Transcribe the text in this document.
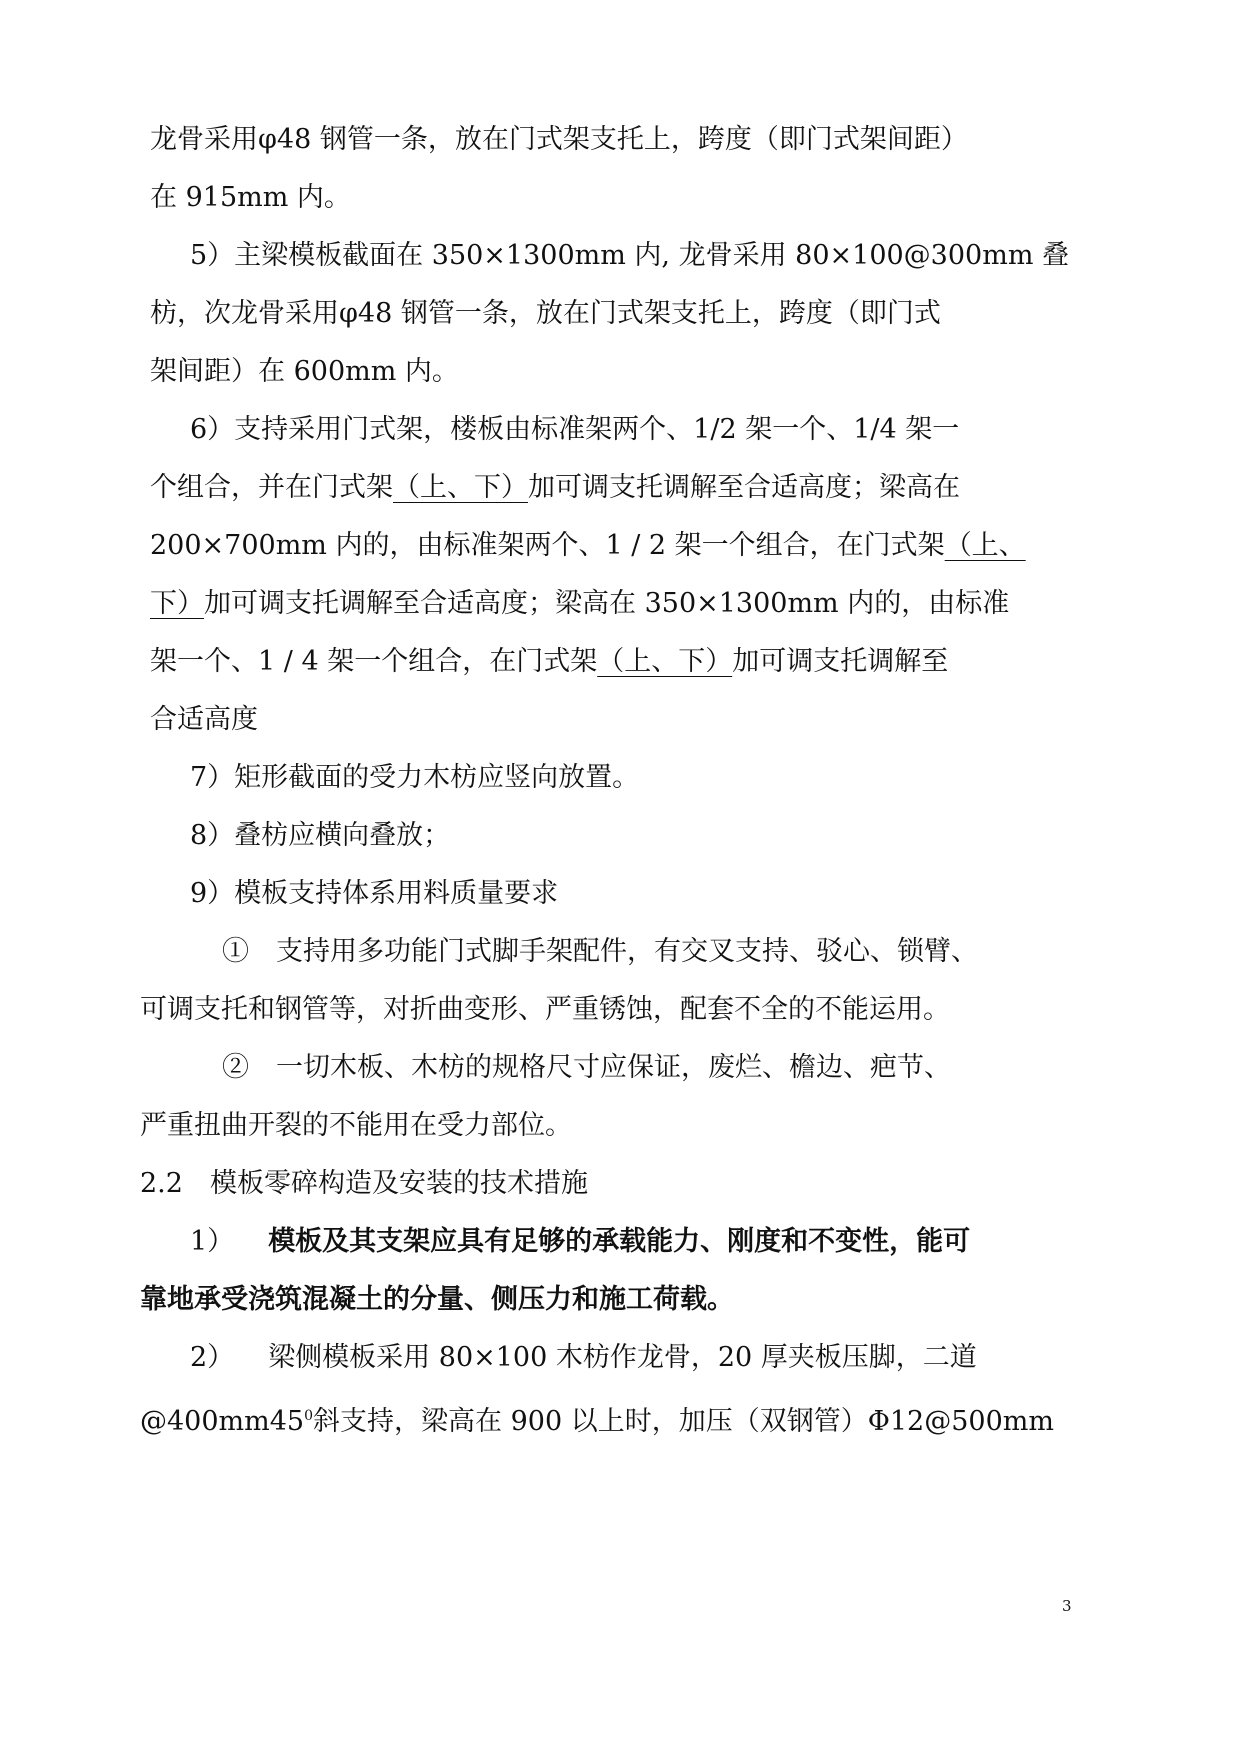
龙骨采用φ48 钢管一条，放在门式架支托上，跨度（即门式架间距）
在 915mm 内。
5）主梁模板截面在 350×1300mm 内, 龙骨采用 80×100@300mm 叠
枋，次龙骨采用φ48 钢管一条，放在门式架支托上，跨度（即门式
架间距）在 600mm 内。
6）支持采用门式架，楼板由标准架两个、1/2 架一个、1/4 架一
个组合，并在门式架（上、下）加可调支托调解至合适高度；梁高在
200×700mm 内的，由标准架两个、1 / 2 架一个组合，在门式架（上、
下）加可调支托调解至合适高度；梁高在 350×1300mm 内的，由标准
架一个、1 / 4 架一个组合，在门式架（上、下）加可调支托调解至
合适高度
7）矩形截面的受力木枋应竖向放置。
8）叠枋应横向叠放；
9）模板支持体系用料质量要求
①　支持用多功能门式脚手架配件，有交叉支持、驳心、锁臂、
可调支托和钢管等，对折曲变形、严重锈蚀，配套不全的不能运用。
②　一切木板、木枋的规格尺寸应保证，废烂、檐边、疤节、
严重扭曲开裂的不能用在受力部位。
2.2　模板零碎构造及安装的技术措施
1） 模板及其支架应具有足够的承载能力、刚度和不变性，能可
靠地承受浇筑混凝土的分量、侧压力和施工荷载。
2） 梁侧模板采用 80×100 木枋作龙骨，20 厚夹板压脚，二道
$@400mm45^0$斜支持，梁高在 900 以上时，加压（双钢管）Φ12@500mm
3
